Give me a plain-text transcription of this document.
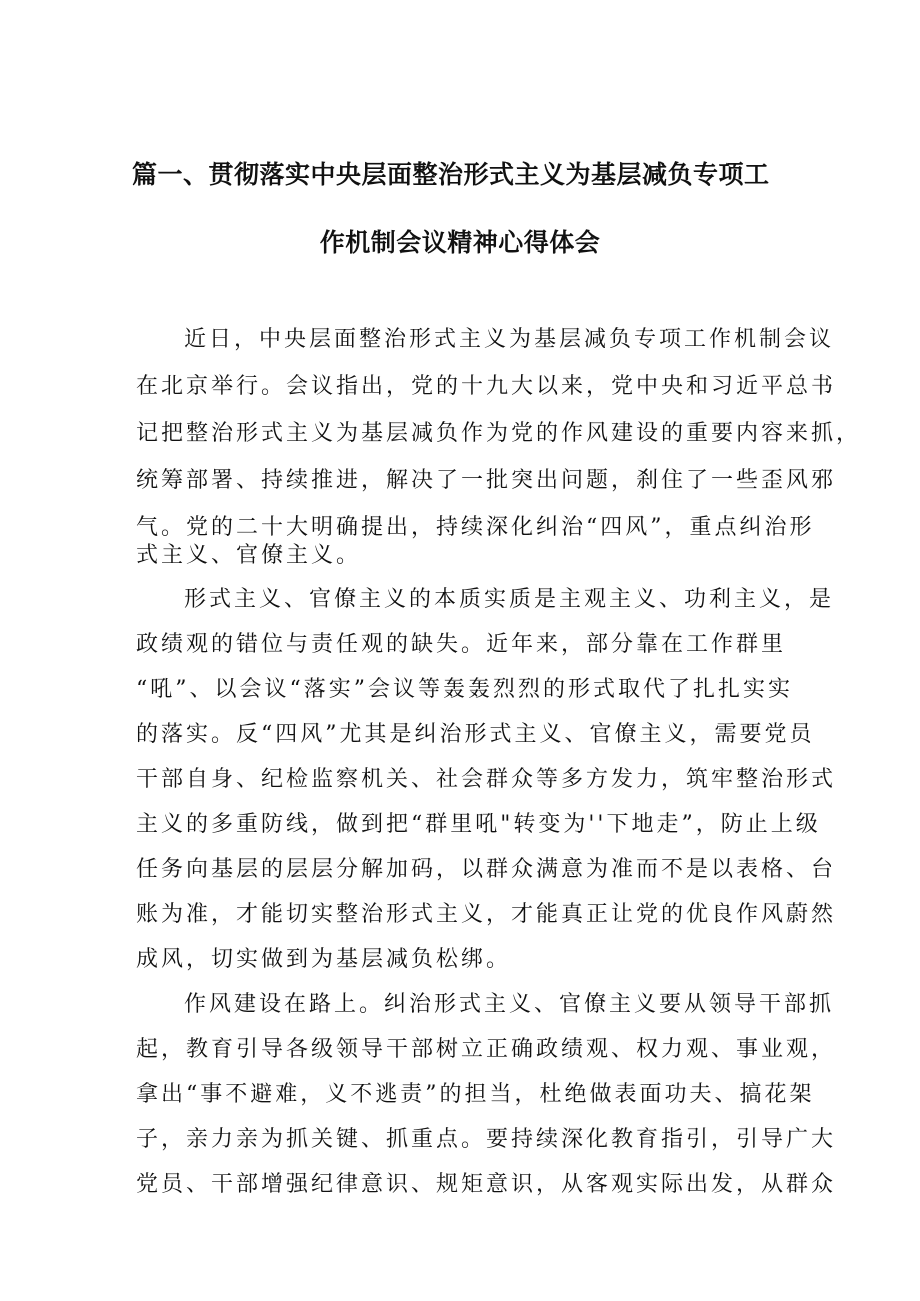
篇一、贯彻落实中央层面整治形式主义为基层减负专项工
作机制会议精神心得体会
近日，中央层面整治形式主义为基层减负专项工作机制会议
在北京举行。会议指出，党的十九大以来，党中央和习近平总书
记把整治形式主义为基层减负作为党的作风建设的重要内容来抓，
统筹部署、持续推进，解决了一批突出问题，刹住了一些歪风邪
气。党的二十大明确提出，持续深化纠治“四风”，重点纠治形
式主义、官僚主义。
形式主义、官僚主义的本质实质是主观主义、功利主义，是
政绩观的错位与责任观的缺失。近年来，部分靠在工作群里
“吼”、以会议“落实”会议等轰轰烈烈的形式取代了扎扎实实
的落实。反“四风”尤其是纠治形式主义、官僚主义，需要党员
干部自身、纪检监察机关、社会群众等多方发力，筑牢整治形式
主义的多重防线，做到把“群里吼"转变为''下地走”，防止上级
任务向基层的层层分解加码，以群众满意为准而不是以表格、台
账为准，才能切实整治形式主义，才能真正让党的优良作风蔚然
成风，切实做到为基层减负松绑。
作风建设在路上。纠治形式主义、官僚主义要从领导干部抓
起，教育引导各级领导干部树立正确政绩观、权力观、事业观，
拿出“事不避难，义不逃责”的担当，杜绝做表面功夫、搞花架
子，亲力亲为抓关键、抓重点。要持续深化教育指引，引导广大
党员、干部增强纪律意识、规矩意识，从客观实际出发，从群众
